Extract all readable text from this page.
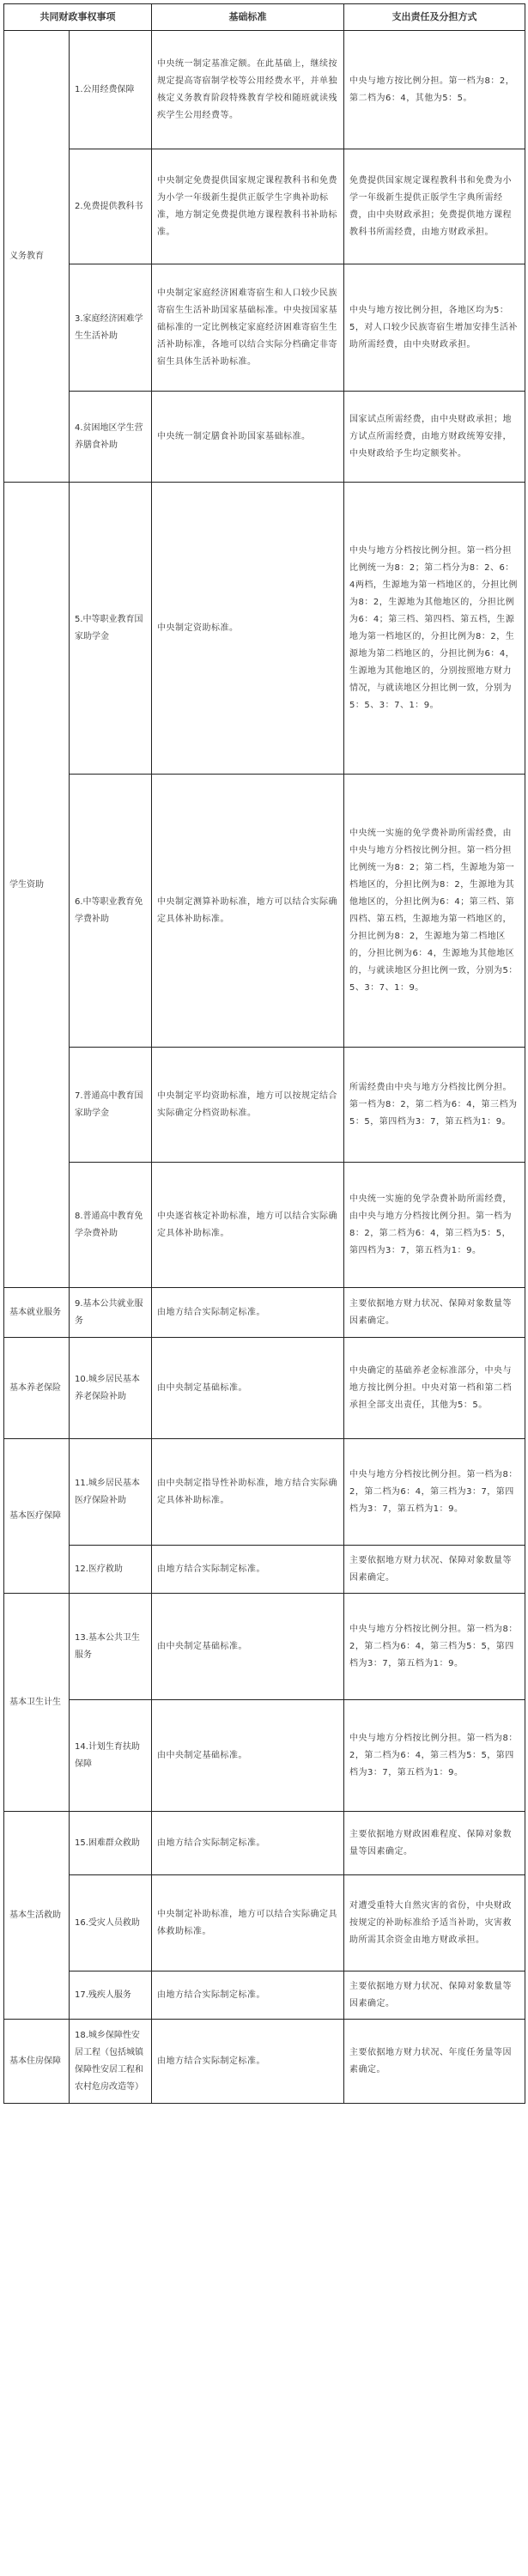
共同财政事权事项		基础标准	支出责任及分担方式
义务教育	1.公用经费保障	中央统一制定基准定额。在此基础上，继续按规定提高寄宿制学校等公用经费水平，并单独核定义务教育阶段特殊教育学校和随班就读残疾学生公用经费等。	中央与地方按比例分担。第一档为8：2，第二档为6：4，其他为5：5。
	2.免费提供教科书	中央制定免费提供国家规定课程教科书和免费为小学一年级新生提供正版学生字典补助标准，地方制定免费提供地方课程教科书补助标准。	免费提供国家规定课程教科书和免费为小学一年级新生提供正版学生字典所需经费，由中央财政承担；免费提供地方课程教科书所需经费，由地方财政承担。
	3.家庭经济困难学生生活补助	中央制定家庭经济困难寄宿生和人口较少民族寄宿生生活补助国家基础标准。中央按国家基础标准的一定比例核定家庭经济困难寄宿生生活补助标准，各地可以结合实际分档确定非寄宿生具体生活补助标准。	中央与地方按比例分担，各地区均为5：5，对人口较少民族寄宿生增加安排生活补助所需经费，由中央财政承担。
	4.贫困地区学生营养膳食补助	中央统一制定膳食补助国家基础标准。	国家试点所需经费，由中央财政承担；地方试点所需经费，由地方财政统筹安排，中央财政给予生均定额奖补。
学生资助	5.中等职业教育国家助学金	中央制定资助标准。	中央与地方分档按比例分担。第一档分担比例统一为8：2；第二档分为8：2、6：4两档，生源地为第一档地区的，分担比例为8：2，生源地为其他地区的，分担比例为6：4；第三档、第四档、第五档，生源地为第一档地区的，分担比例为8：2，生源地为第二档地区的，分担比例为6：4，生源地为其他地区的，分别按照地方财力情况，与就读地区分担比例一致，分别为5：5、3：7、1：9。
	6.中等职业教育免学费补助	中央制定测算补助标准，地方可以结合实际确定具体补助标准。	中央统一实施的免学费补助所需经费，由中央与地方分档按比例分担。第一档分担比例统一为8：2；第二档，生源地为第一档地区的，分担比例为8：2，生源地为其他地区的，分担比例为6：4；第三档、第四档、第五档，生源地为第一档地区的，分担比例为8：2，生源地为第二档地区的，分担比例为6：4，生源地为其他地区的，与就读地区分担比例一致，分别为5：5、3：7、1：9。
	7.普通高中教育国家助学金	中央制定平均资助标准，地方可以按规定结合实际确定分档资助标准。	所需经费由中央与地方分档按比例分担。第一档为8：2，第二档为6：4，第三档为5：5，第四档为3：7，第五档为1：9。
	8.普通高中教育免学杂费补助	中央逐省核定补助标准，地方可以结合实际确定具体补助标准。	中央统一实施的免学杂费补助所需经费，由中央与地方分档按比例分担。第一档为8：2，第二档为6：4，第三档为5：5，第四档为3：7，第五档为1：9。
基本就业服务	9.基本公共就业服务	由地方结合实际制定标准。	主要依据地方财力状况、保障对象数量等因素确定。
基本养老保险	10.城乡居民基本养老保险补助	由中央制定基础标准。	中央确定的基础养老金标准部分，中央与地方按比例分担。中央对第一档和第二档承担全部支出责任，其他为5：5。
基本医疗保障	11.城乡居民基本医疗保险补助	由中央制定指导性补助标准，地方结合实际确定具体补助标准。	中央与地方分档按比例分担。第一档为8：2，第二档为6：4，第三档为3：7，第四档为3：7，第五档为1：9。
	12.医疗救助	由地方结合实际制定标准。	主要依据地方财力状况、保障对象数量等因素确定。
基本卫生计生	13.基本公共卫生服务	由中央制定基础标准。	中央与地方分档按比例分担。第一档为8：2，第二档为6：4，第三档为5：5，第四档为3：7，第五档为1：9。
	14.计划生育扶助保障	由中央制定基础标准。	中央与地方分档按比例分担。第一档为8：2，第二档为6：4，第三档为5：5，第四档为3：7，第五档为1：9。
基本生活救助	15.困难群众救助	由地方结合实际制定标准。	主要依据地方财政困难程度、保障对象数量等因素确定。
	16.受灾人员救助	中央制定补助标准，地方可以结合实际确定具体救助标准。	对遭受重特大自然灾害的省份，中央财政按规定的补助标准给予适当补助，灾害救助所需其余资金由地方财政承担。
	17.残疾人服务	由地方结合实际制定标准。	主要依据地方财力状况、保障对象数量等因素确定。
基本住房保障	18.城乡保障性安居工程（包括城镇保障性安居工程和农村危房改造等）	由地方结合实际制定标准。	主要依据地方财力状况、年度任务量等因素确定。
